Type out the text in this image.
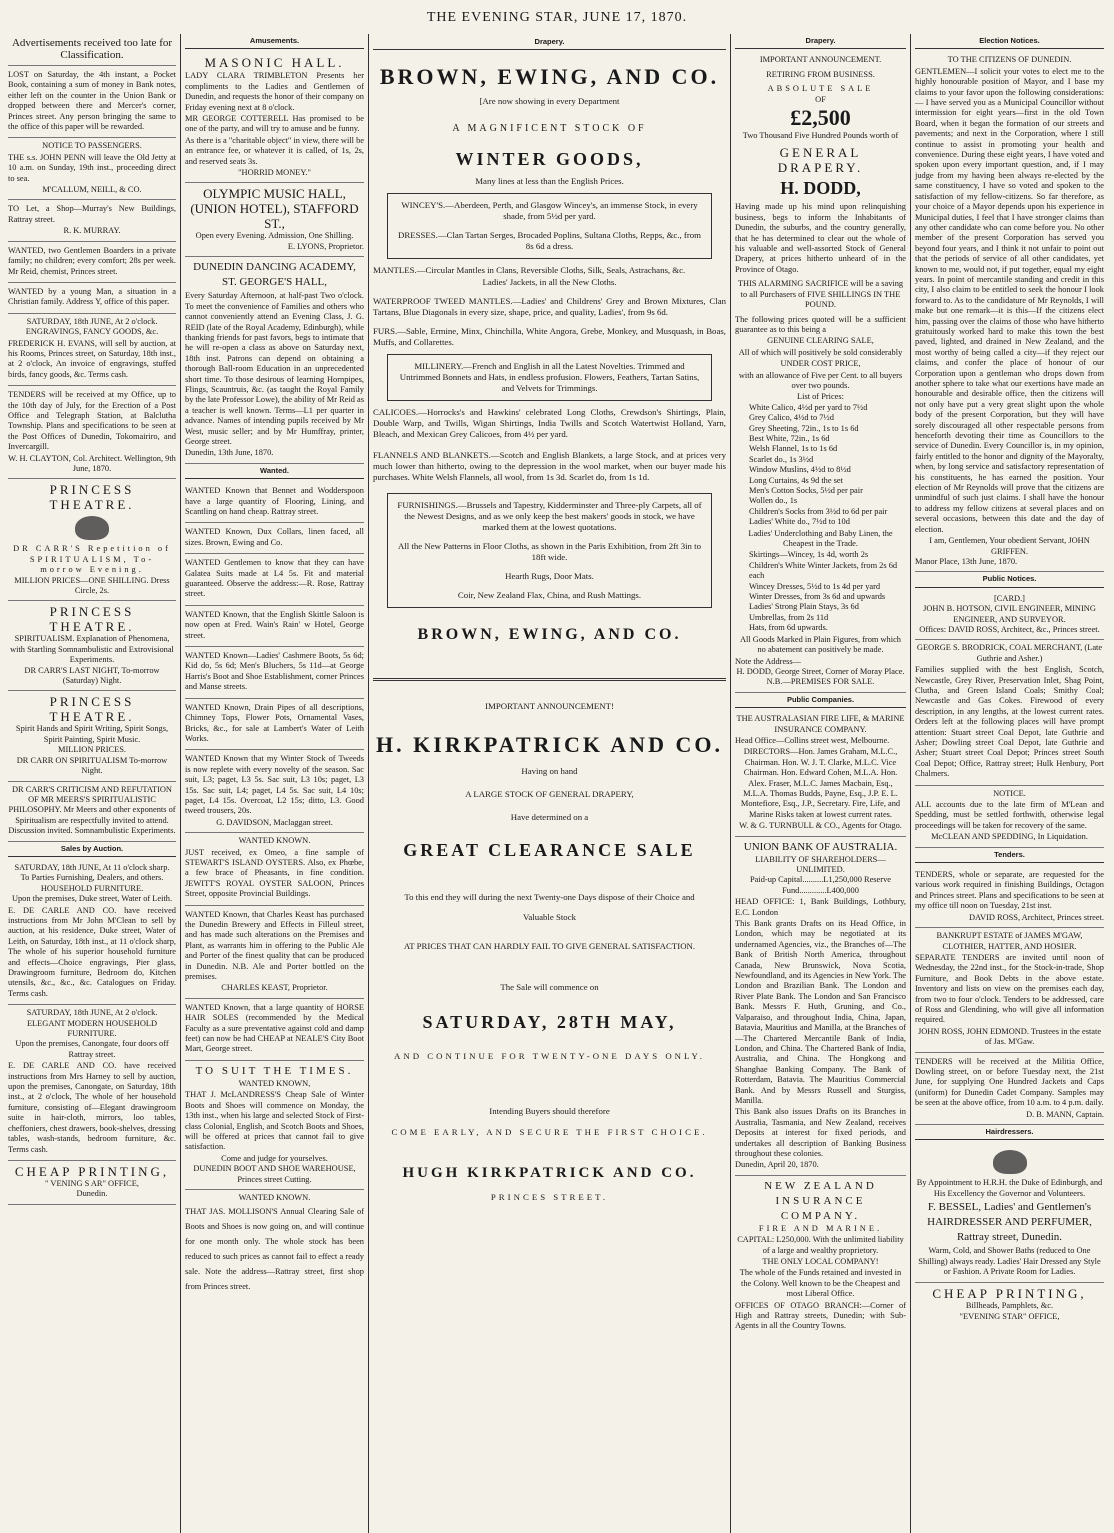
THE EVENING STAR, JUNE 17, 1870.
Advertisements received too late for Classification.

LOST on Saturday, the 4th instant, a Pocket Book, containing a sum of money in Bank notes, either left on the counter in the Union Bank or dropped between there and Mercer's corner, Princes street. Any person bringing the same to the office of this paper will be rewarded.

NOTICE TO PASSENGERS.

THE s.s. JOHN PENN will leave the Old Jetty at 10 a.m. on Sunday, 19th inst., proceeding direct to sea.

M'CALLUM, NEILL, & CO.

TO Let, a Shop—Murray's New Buildings, Rattray street.

R. K. MURRAY.

WANTED, two Gentlemen Boarders in a private family; no children; every comfort; 28s per week. Mr Reid, chemist, Princes street.

WANTED by a young Man, a situation in a Christian family. Address Y, office of this paper.

SATURDAY, 18th JUNE, At 2 o'clock.
ENGRAVINGS, FANCY GOODS, &c.

FREDERICK H. EVANS, will sell by auction, at his Rooms, Princes street, on Saturday, 18th inst., at 2 o'clock, An invoice of engravings, stuffed birds, fancy goods, &c. Terms cash.

TENDERS will be received at my Office, up to the 10th day of July, for the Erection of a Post Office and Telegraph Station, at Balclutha Township. Plans and specifications to be seen at the Post Offices of Dunedin, Tokomairiro, and Invercargill.

W. H. CLAYTON, Col. Architect. Wellington, 9th June, 1870.
PRINCESS THEATRE.
DR CARR'S Repetition of SPIRITUALISM, To-morrow Evening.
MILLION PRICES—ONE SHILLING. Dress Circle, 2s.
PRINCESS THEATRE.
SPIRITUALISM. Explanation of Phenomena, with Startling Somnambulistic and Extrovisional Experiments.
DR CARR'S LAST NIGHT, To-morrow (Saturday) Night.
PRINCESS THEATRE.
Spirit Hands and Spirit Writing, Spirit Songs, Spirit Painting, Spirit Music.
MILLION PRICES.
DR CARR ON SPIRITUALISM To-morrow Night.
DR CARR'S CRITICISM AND REFUTATION OF MR MEERS'S SPIRITUALISTIC PHILOSOPHY. Mr Meers and other exponents of Spiritualism are respectfully invited to attend. Discussion invited. Somnambulistic Experiments.
Sales by Auction.
SATURDAY, 18th JUNE, At 11 o'clock sharp.
To Parties Furnishing, Dealers, and others.
HOUSEHOLD FURNITURE.
Upon the premises, Duke street, Water of Leith.

E. DE CARLE AND CO. have received instructions from Mr John M'Clean to sell by auction, at his residence, Duke street, Water of Leith, on Saturday, 18th inst., at 11 o'clock sharp, The whole of his superior household furniture and effects—Choice engravings, Pier glass, Drawingroom furniture, Bedroom do, Kitchen utensils, &c., &c., &c. Catalogues on Friday. Terms cash.

SATURDAY, 18th JUNE, At 2 o'clock.
ELEGANT MODERN HOUSEHOLD FURNITURE.
Upon the premises, Canongate, four doors off Rattray street.

E. DE CARLE AND CO. have received instructions from Mrs Harney to sell by auction, upon the premises, Canongate, on Saturday, 18th inst., at 2 o'clock, The whole of her household furniture, consisting of—Elegant drawingroom suite in hair-cloth, mirrors, loo tables, cheffoniers, chest drawers, book-shelves, dressing tables, wash-stands, bedroom furniture, &c. Terms cash.

CHEAP PRINTING,
" VENING S AR" OFFICE,
Dunedin.
Amusements.
MASONIC HALL.

LADY CLARA TRIMBLETON Presents her compliments to the Ladies and Gentlemen of Dunedin, and requests the honor of their company on Friday evening next at 8 o'clock.

MR GEORGE COTTERELL Has promised to be one of the party, and will try to amuse and be funny.

As there is a "charitable object" in view, there will be an entrance fee, or whatever it is called, of 1s, 2s, and reserved seats 3s.

"HORRID MONEY."
OLYMPIC MUSIC HALL, (UNION HOTEL), STAFFORD ST.,
Open every Evening. Admission, One Shilling.
E. LYONS, Proprietor.
DUNEDIN DANCING ACADEMY, ST. GEORGE'S HALL,

Every Saturday Afternoon, at half-past Two o'clock. To meet the convenience of Families and others who cannot conveniently attend an Evening Class, J. G. REID (late of the Royal Academy, Edinburgh), while thanking friends for past favors, begs to intimate that he will re-open a class as above on Saturday next, 18th inst. Patrons can depend on obtaining a thorough Ball-room Education in an unprecedented short time. To those desirous of learning Hornpipes, Flings, Scauntruis, &c. (as taught the Royal Family by the late Professor Lowe), the ability of Mr Reid as a teacher is well known. Terms—L1 per quarter in advance. Names of intending pupils received by Mr West, music seller; and by Mr Humffray, printer, George street.

Dunedin, 13th June, 1870.
Wanted.

WANTED Known that Bennet and Wodderspoon have a large quantity of Flooring, Lining, and Scantling on hand cheap. Rattray street.

WANTED Known, Dux Collars, linen faced, all sizes. Brown, Ewing and Co.

WANTED Gentlemen to know that they can have Galatea Suits made at L4 5s. Fit and material guaranteed. Observe the address:—R. Rose, Rattray street.

WANTED Known, that the English Skittle Saloon is now open at Fred. Wain's Rain' w Hotel, George street.

WANTED Known—Ladies' Cashmere Boots, 5s 6d; Kid do, 5s 6d; Men's Bluchers, 5s 11d—at George Harris's Boot and Shoe Establishment, corner Princes and Manse streets.

WANTED Known, Drain Pipes of all descriptions, Chimney Tops, Flower Pots, Ornamental Vases, Bricks, &c., for sale at Lambert's Water of Leith Works.

WANTED Known that my Winter Stock of Tweeds is now replete with every novelty of the season. Sac suit, L3; paget, L3 5s. Sac suit, L3 10s; paget, L3 15s. Sac suit, L4; paget, L4 5s. Sac suit, L4 10s; paget, L4 15s. Overcoat, L2 15s; ditto, L3. Good tweed trousers, 20s.

G. DAVIDSON, Maclaggan street.
WANTED KNOWN.

JUST received, ex Omeo, a fine sample of STEWART'S ISLAND OYSTERS. Also, ex Phœbe, a few brace of Pheasants, in fine condition. JEWITT'S ROYAL OYSTER SALOON, Princes Street, opposite Provincial Buildings.

WANTED Known, that Charles Keast has purchased the Dunedin Brewery and Effects in Filleul street, and has made such alterations on the Premises and Plant, as warrants him in offering to the Public Ale and Porter of the finest quality that can be produced in Dunedin. N.B. Ale and Porter bottled on the premises.

CHARLES KEAST, Proprietor.

WANTED Known, that a large quantity of HORSE HAIR SOLES (recommended by the Medical Faculty as a sure preventative against cold and damp feet) can now be had CHEAP at NEALE'S City Boot Mart, George street.

TO SUIT THE TIMES.
WANTED KNOWN,

THAT J. McLANDRESS'S Cheap Sale of Winter Boots and Shoes will commence on Monday, the 13th inst., when his large and selected Stock of First-class Colonial, English, and Scotch Boots and Shoes, will be offered at prices that cannot fail to give satisfaction.

Come and judge for yourselves.
DUNEDIN BOOT AND SHOE WAREHOUSE, Princes street Cutting.
WANTED KNOWN.

THAT JAS. MOLLISON'S Annual Clearing Sale of Boots and Shoes is now going on, and will continue for one month only. The whole stock has been reduced to such prices as cannot fail to effect a ready sale. Note the address—Rattray street, first shop from Princes street.

Drapery.
BROWN, EWING, AND CO.
[Are now showing in every Department
A MAGNIFICENT STOCK OF
WINTER GOODS,
Many lines at less than the English Prices.

WINCEY'S.—Aberdeen, Perth, and Glasgow Wincey's, an immense Stock, in every shade, from 5½d per yard.

DRESSES.—Clan Tartan Serges, Brocaded Poplins, Sultana Cloths, Repps, &c., from 8s 6d a dress.

MANTLES.—Circular Mantles in Clans, Reversible Cloths, Silk, Seals, Astrachans, &c.

Ladies' Jackets, in all the New Cloths.

WATERPROOF TWEED MANTLES.—Ladies' and Childrens' Grey and Brown Mixtures, Clan Tartans, Blue Diagonals in every size, shape, price, and quality, Ladies', from 9s 6d.

FURS.—Sable, Ermine, Minx, Chinchilla, White Angora, Grebe, Monkey, and Musquash, in Boas, Muffs, and Collarettes.

MILLINERY.—French and English in all the Latest Novelties. Trimmed and Untrimmed Bonnets and Hats, in endless profusion. Flowers, Feathers, Tartan Satins, and Velvets for Trimmings.

CALICOES.—Horrocks's and Hawkins' celebrated Long Cloths, Crewdson's Shirtings, Plain, Double Warp, and Twills, Wigan Shirtings, India Twills and Scotch Watertwist Holland, Yarn, Bleach, and Mexican Grey Calicoes, from 4½ per yard.

FLANNELS AND BLANKETS.—Scotch and English Blankets, a large Stock, and at prices very much lower than hitherto, owing to the depression in the wool market, when our buyer made his purchases. White Welsh Flannels, all wool, from 1s 3d. Scarlet do, from 1s 1d.

FURNISHINGS.—Brussels and Tapestry, Kidderminster and Three-ply Carpets, all of the Newest Designs, and as we only keep the best makers' goods in stock, we have marked them at the lowest quotations.

All the New Patterns in Floor Cloths, as shown in the Paris Exhibition, from 2ft 3in to 18ft wide.

Hearth Rugs, Door Mats.

Coir, New Zealand Flax, China, and Rush Mattings.

BROWN, EWING, AND CO.
IMPORTANT ANNOUNCEMENT!
H. KIRKPATRICK AND CO.
Having on hand
A LARGE STOCK OF GENERAL DRAPERY,
Have determined on a
GREAT CLEARANCE SALE

To this end they will during the next Twenty-one Days dispose of their Choice and Valuable Stock

AT PRICES THAT CAN HARDLY FAIL TO GIVE GENERAL SATISFACTION.
The Sale will commence on
SATURDAY, 28TH MAY,
AND CONTINUE FOR TWENTY-ONE DAYS ONLY.
Intending Buyers should therefore
COME EARLY, AND SECURE THE FIRST CHOICE.
HUGH KIRKPATRICK AND CO.
PRINCES STREET.
Drapery.
IMPORTANT ANNOUNCEMENT.
RETIRING FROM BUSINESS.
ABSOLUTE SALE
OF
£2,500
Two Thousand Five Hundred Pounds worth of
GENERAL DRAPERY.
H. DODD,

Having made up his mind upon relinquishing business, begs to inform the Inhabitants of Dunedin, the suburbs, and the country generally, that he has determined to clear out the whole of his valuable and well-assorted Stock of General Drapery, at prices hitherto unheard of in the Province of Otago.

THIS ALARMING SACRIFICE will be a saving to all Purchasers of FIVE SHILLINGS IN THE POUND.

The following prices quoted will be a sufficient guarantee as to this being a

GENUINE CLEARING SALE,

All of which will positively be sold considerably

UNDER COST PRICE,

with an allowance of Five per Cent. to all buyers over two pounds.

List of Prices:
White Calico, 4½d per yard to 7½d
Grey Calico, 4½d to 7½d
Grey Sheeting, 72in., 1s to 1s 6d
Best White, 72in., 1s 6d
Welsh Flannel, 1s to 1s 6d
Scarlet do., 1s 3½d
Window Muslins, 4½d to 8½d
Long Curtains, 4s 9d the set
Men's Cotton Socks, 5½d per pair
Wollen do., 1s
Children's Socks from 3½d to 6d per pair
Ladies' White do., 7½d to 10d

Ladies' Underclothing and Baby Linen, the Cheapest in the Trade.

Skirtings—Wincey, 1s 4d, worth 2s
Children's White Winter Jackets, from 2s 6d each
Wincey Dresses, 5½d to 1s 4d per yard
Winter Dresses, from 3s 6d and upwards
Ladies' Strong Plain Stays, 3s 6d
Umbrellas, from 2s 11d
Hats, from 6d upwards.

All Goods Marked in Plain Figures, from which no abatement can positively be made.

Note the Address—
H. DODD, George Street, Corner of Moray Place.
N.B.—PREMISES FOR SALE.
Public Companies.
THE AUSTRALASIAN FIRE LIFE, & MARINE INSURANCE COMPANY.

Head Office—Collins street west, Melbourne.

DIRECTORS—Hon. James Graham, M.L.C., Chairman. Hon. W. J. T. Clarke, M.L.C. Vice Chairman. Hon. Edward Cohen, M.L.A. Hon. Alex. Fraser, M.L.C. James Macbain, Esq., M.L.A. Thomas Budds, Payne, Esq., J.P. E. L. Montefiore, Esq., J.P., Secretary. Fire, Life, and Marine Risks taken at lowest current rates.

W. & G. TURNBULL & CO., Agents for Otago.
UNION BANK OF AUSTRALIA.
LIABILITY OF SHAREHOLDERS—UNLIMITED.
Paid-up Capital..........L1,250,000 Reserve Fund.............L400,000

HEAD OFFICE: 1, Bank Buildings, Lothbury, E.C. London

This Bank grants Drafts on its Head Office, in London, which may be negotiated at its undernamed Agencies, viz., the Branches of—The Bank of British North America, throughout Canada, New Brunswick, Nova Scotia, Newfoundland, and its Agencies in New York. The London and Brazilian Bank. The London and River Plate Bank. The London and San Francisco Bank. Messrs F. Huth, Gruning, and Co., Valparaiso, and throughout India, China, Japan, Batavia, Mauritius and Manilla, at the Branches of—The Chartered Mercantile Bank of India, London, and China. The Chartered Bank of India, Australia, and China. The Hongkong and Shanghae Banking Company. The Bank of Rotterdam, Batavia. The Mauritius Commercial Bank. And by Messrs Russell and Sturgiss, Manilla.

This Bank also issues Drafts on its Branches in Australia, Tasmania, and New Zealand, receives Deposits at interest for fixed periods, and undertakes all description of Banking Business throughout these colonies.

Dunedin, April 20, 1870.
NEW ZEALAND INSURANCE COMPANY.
FIRE AND MARINE.

CAPITAL: L250,000. With the unlimited liability of a large and wealthy proprietory.

THE ONLY LOCAL COMPANY!

The whole of the Funds retained and invested in the Colony. Well known to be the Cheapest and most Liberal Office.

OFFICES OF OTAGO BRANCH:—Corner of High and Rattray streets, Dunedin; with Sub-Agents in all the Country Towns.

Election Notices.
TO THE CITIZENS OF DUNEDIN.

GENTLEMEN—I solicit your votes to elect me to the highly honourable position of Mayor, and I base my claims to your favor upon the following considerations:— I have served you as a Municipal Councillor without intermission for eight years—first in the old Town Board, when it began the formation of our streets and pavements; and next in the Corporation, where I still continue to assist in promoting your health and convenience. During these eight years, I have voted and spoken upon every important question, and, if I may judge from my having been always re-elected by the same constituency, I have so voted and spoken to the satisfaction of my fellow-citizens. So far therefore, as your choice of a Mayor depends upon his experience in Municipal duties, I feel that I have stronger claims than any other candidate who can come before you. No other member of the present Corporation has served you beyond four years, and I think it not unfair to point out that the periods of service of all other candidates, yet known to me, would not, if put together, equal my eight years. In point of mercantile standing and credit in this city, I also claim to be entitled to seek the honour I look forward to. As to the candidature of Mr Reynolds, I will make but one remark—it is this—If the citizens elect him, passing over the claims of those who have hitherto gratuitously worked hard to make this town the best paved, lighted, and drained in New Zealand, and the most worthy of being called a city—if they reject our claims, and confer the place of honour of our Corporation upon a gentleman who drops down from another sphere to take what our exertions have made an honourable and desirable office, then the citizens will not only have put a very great slight upon the whole body of the present Corporation, but they will have sorely discouraged all other respectable persons from henceforth devoting their time as Councillors to the service of Dunedin. Every Councillor is, in my opinion, fairly entitled to the honor and dignity of the Mayoralty, when, by long service and satisfactory representation of his constituents, he has earned the position. Your election of Mr Reynolds will prove that the citizens are unmindful of such just claims. I shall have the honour to address my fellow citizens at several places and on several occasions, between this date and the day of election.

I am, Gentlemen, Your obedient Servant, JOHN GRIFFEN.
Manor Place, 13th June, 1870.
Public Notices.
[CARD.]
JOHN B. HOTSON, CIVIL ENGINEER, MINING ENGINEER, AND SURVEYOR.
Offices: DAVID ROSS, Architect, &c., Princes street.
GEORGE S. BRODRICK, COAL MERCHANT, (Late Guthrie and Asher.)

Families supplied with the best English, Scotch, Newcastle, Grey River, Preservation Inlet, Shag Point, Clutha, and Green Island Coals; Smithy Coal; Newcastle and Gas Cokes. Firewood of every description, in any lengths, at the lowest current rates. Orders left at the following places will have prompt attention: Stuart street Coal Depot, late Guthrie and Asher; Dowling street Coal Depot, late Guthrie and Asher; Stuart street Coal Depot; Princes street South Coal Depot; Office, Rattray street; Hulk Henbury, Port Chalmers.

NOTICE.

ALL accounts due to the late firm of M'Lean and Spedding, must be settled forthwith, otherwise legal proceedings will be taken for recovery of the same.

McCLEAN AND SPEDDING, In Liquidation.
Tenders.

TENDERS, whole or separate, are requested for the various work required in finishing Buildings, Octagon and Princes street. Plans and specifications to be seen at my office till noon on Tuesday, 21st inst.

DAVID ROSS, Architect, Princes street.
BANKRUPT ESTATE of JAMES M'GAW, CLOTHIER, HATTER, AND HOSIER.

SEPARATE TENDERS are invited until noon of Wednesday, the 22nd inst., for the Stock-in-trade, Shop Furniture, and Book Debts in the above estate. Inventory and lists on view on the premises each day, from two to four o'clock. Tenders to be addressed, care of Ross and Glendining, who will give all information required.

JOHN ROSS, JOHN EDMOND. Trustees in the estate of Jas. M'Gaw.

TENDERS will be received at the Militia Office, Dowling street, on or before Tuesday next, the 21st June, for supplying One Hundred Jackets and Caps (uniform) for Dunedin Cadet Company. Samples may be seen at the above office, from 10 a.m. to 4 p.m. daily.

D. B. MANN, Captain.
Hairdressers.

By Appointment to H.R.H. the Duke of Edinburgh, and His Excellency the Governor and Volunteers.

F. BESSEL, Ladies' and Gentlemen's HAIRDRESSER AND PERFUMER, Rattray street, Dunedin.

Warm, Cold, and Shower Baths (reduced to One Shilling) always ready. Ladies' Hair Dressed any Style or Fashion. A Private Room for Ladies.

CHEAP PRINTING,
Billheads, Pamphlets, &c.
"EVENING STAR" OFFICE,
